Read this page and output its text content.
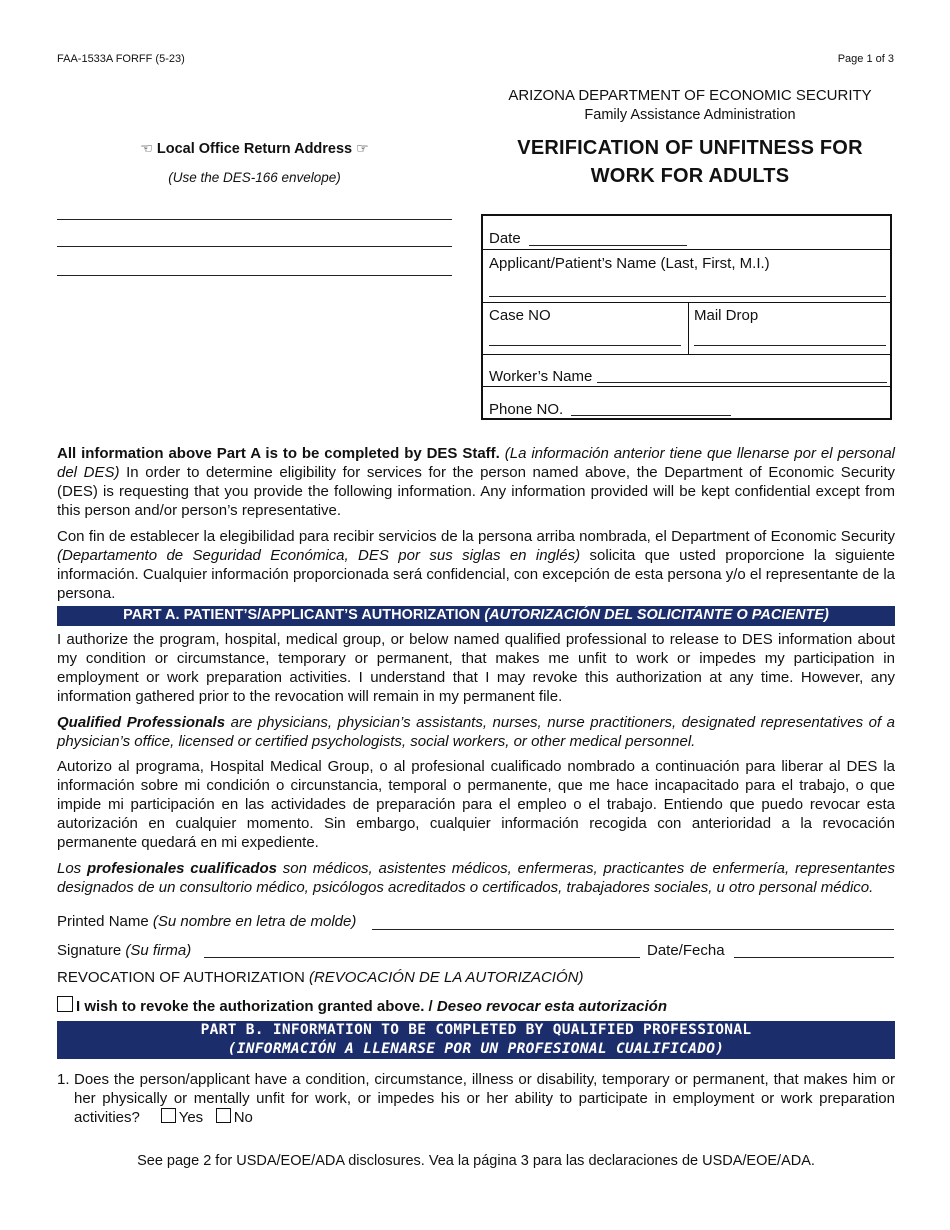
FAA-1533A FORFF (5-23)	Page 1 of 3
ARIZONA DEPARTMENT OF ECONOMIC SECURITY
Family Assistance Administration
VERIFICATION OF UNFITNESS FOR
WORK FOR ADULTS
☜ Local Office Return Address ☞
(Use the DES-166 envelope)
Date
Applicant/Patient’s Name (Last, First, M.I.)
Case NO	Mail Drop
Worker’s Name
Phone NO.

All information above Part A is to be completed by DES Staff. (La información anterior tiene que llenarse por el personal del DES) In order to determine eligibility for services for the person named above, the Department of Economic Security (DES) is requesting that you provide the following information. Any information provided will be kept confidential except from this person and/or person’s representative.

Con fin de establecer la elegibilidad para recibir servicios de la persona arriba nombrada, el Department of Economic Security (Departamento de Seguridad Económica, DES por sus siglas en inglés) solicita que usted proporcione la siguiente información. Cualquier información proporcionada será confidencial, con excepción de esta persona y/o el representante de la persona.

PART A. PATIENT’S/APPLICANT’S AUTHORIZATION (AUTORIZACIÓN DEL SOLICITANTE O PACIENTE)

I authorize the program, hospital, medical group, or below named qualified professional to release to DES information about my condition or circumstance, temporary or permanent, that makes me unfit to work or impedes my participation in employment or work preparation activities. I understand that I may revoke this authorization at any time. However, any information gathered prior to the revocation will remain in my permanent file.

Qualified Professionals are physicians, physician’s assistants, nurses, nurse practitioners, designated representatives of a physician’s office, licensed or certified psychologists, social workers, or other medical personnel.

Autorizo al programa, Hospital Medical Group, o al profesional cualificado nombrado a continuación para liberar al DES la información sobre mi condición o circunstancia, temporal o permanente, que me hace incapacitado para el trabajo, o que impide mi participación en las actividades de preparación para el empleo o el trabajo. Entiendo que puedo revocar esta autorización en cualquier momento. Sin embargo, cualquier información recogida con anterioridad a la revocación permanente quedará en mi expediente.

Los profesionales cualificados son médicos, asistentes médicos, enfermeras, practicantes de enfermería, representantes designados de un consultorio médico, psicólogos acreditados o certificados, trabajadores sociales, u otro personal médico.

Printed Name (Su nombre en letra de molde)
Signature (Su firma)	Date/Fecha
REVOCATION OF AUTHORIZATION (REVOCACIÓN DE LA AUTORIZACIÓN)
I wish to revoke the authorization granted above. / Deseo revocar esta autorización
PART B. INFORMATION TO BE COMPLETED BY QUALIFIED PROFESSIONAL
(INFORMACIÓN A LLENARSE POR UN PROFESIONAL CUALIFICADO)
1. Does the person/applicant have a condition, circumstance, illness or disability, temporary or permanent, that makes him or her physically or mentally unfit for work, or impedes his or her ability to participate in employment or work preparation activities?	Yes No
See page 2 for USDA/EOE/ADA disclosures. Vea la página 3 para las declaraciones de USDA/EOE/ADA.
